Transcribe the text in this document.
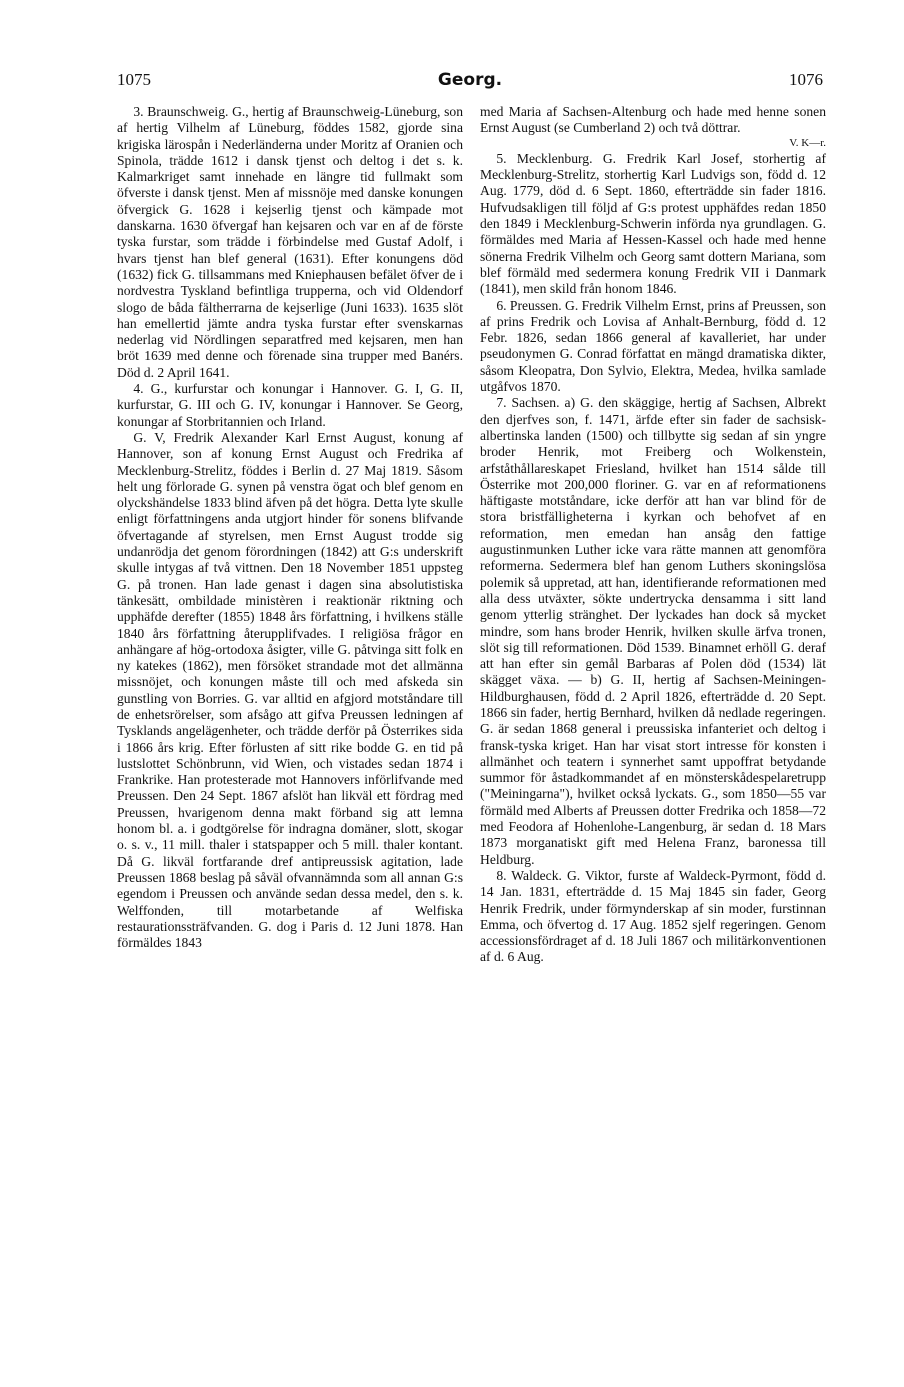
1075	Georg.	1076

3. Braunschweig. G., hertig af Braunschweig-Lüneburg, son af hertig Vilhelm af Lüneburg, föddes 1582, gjorde sina krigiska lärospån i Nederländerna under Moritz af Oranien och Spinola, trädde 1612 i dansk tjenst och deltog i det s. k. Kalmarkriget samt innehade en längre tid fullmakt som öfverste i dansk tjenst. Men af missnöje med danske konungen öfvergick G. 1628 i kejserlig tjenst och kämpade mot danskarna. 1630 öfvergaf han kejsaren och var en af de förste tyska furstar, som trädde i förbindelse med Gustaf Adolf, i hvars tjenst han blef general (1631). Efter konungens död (1632) fick G. tillsammans med Kniephausen befälet öfver de i nordvestra Tyskland befintliga trupperna, och vid Oldendorf slogo de båda fältherrarna de kejserlige (Juni 1633). 1635 slöt han emellertid jämte andra tyska furstar efter svenskarnas nederlag vid Nördlingen separatfred med kejsaren, men han bröt 1639 med denne och förenade sina trupper med Banérs. Död d. 2 April 1641.

4. G., kurfurstar och konungar i Hannover. G. I, G. II, kurfurstar, G. III och G. IV, konungar i Hannover. Se Georg, konungar af Storbritannien och Irland.

G. V, Fredrik Alexander Karl Ernst August, konung af Hannover, son af konung Ernst August och Fredrika af Mecklenburg-Strelitz, föddes i Berlin d. 27 Maj 1819. Såsom helt ung förlorade G. synen på venstra ögat och blef genom en olyckshändelse 1833 blind äfven på det högra. Detta lyte skulle enligt författningens anda utgjort hinder för sonens blifvande öfvertagande af styrelsen, men Ernst August trodde sig undanrödja det genom förordningen (1842) att G:s underskrift skulle intygas af två vittnen. Den 18 November 1851 uppsteg G. på tronen. Han lade genast i dagen sina absolutistiska tänkesätt, ombildade ministèren i reaktionär riktning och upphäfde derefter (1855) 1848 års författning, i hvilkens ställe 1840 års författning återupplifvades. I religiösa frågor en anhängare af hög-ortodoxa åsigter, ville G. påtvinga sitt folk en ny katekes (1862), men försöket strandade mot det allmänna missnöjet, och konungen måste till och med afskeda sin gunstling von Borries. G. var alltid en afgjord motståndare till de enhetsrörelser, som afsågo att gifva Preussen ledningen af Tysklands angelägenheter, och trädde derför på Österrikes sida i 1866 års krig. Efter förlusten af sitt rike bodde G. en tid på lustslottet Schönbrunn, vid Wien, och vistades sedan 1874 i Frankrike. Han protesterade mot Hannovers införlifvande med Preussen. Den 24 Sept. 1867 afslöt han likväl ett fördrag med Preussen, hvarigenom denna makt förband sig att lemna honom bl. a. i godtgörelse för indragna domäner, slott, skogar o. s. v., 11 mill. thaler i statspapper och 5 mill. thaler kontant. Då G. likväl fortfarande dref antipreussisk agitation, lade Preussen 1868 beslag på såväl ofvannämnda som all annan G:s egendom i Preussen och använde sedan dessa medel, den s. k. Welffonden, till motarbetande af Welfiska restaurationssträfvanden. G. dog i Paris d. 12 Juni 1878. Han förmäldes 1843

med Maria af Sachsen-Altenburg och hade med henne sonen Ernst August (se Cumberland 2) och två döttrar.

V. K—r.

5. Mecklenburg. G. Fredrik Karl Josef, storhertig af Mecklenburg-Strelitz, storhertig Karl Ludvigs son, född d. 12 Aug. 1779, död d. 6 Sept. 1860, efterträdde sin fader 1816. Hufvudsakligen till följd af G:s protest upphäfdes redan 1850 den 1849 i Mecklenburg-Schwerin införda nya grundlagen. G. förmäldes med Maria af Hessen-Kassel och hade med henne sönerna Fredrik Vilhelm och Georg samt dottern Mariana, som blef förmäld med sedermera konung Fredrik VII i Danmark (1841), men skild från honom 1846.

6. Preussen. G. Fredrik Vilhelm Ernst, prins af Preussen, son af prins Fredrik och Lovisa af Anhalt-Bernburg, född d. 12 Febr. 1826, sedan 1866 general af kavalleriet, har under pseudonymen G. Conrad författat en mängd dramatiska dikter, såsom Kleopatra, Don Sylvio, Elektra, Medea, hvilka samlade utgåfvos 1870.

7. Sachsen. a) G. den skäggige, hertig af Sachsen, Albrekt den djerfves son, f. 1471, ärfde efter sin fader de sachsisk-albertinska landen (1500) och tillbytte sig sedan af sin yngre broder Henrik, mot Freiberg och Wolkenstein, arfståthållareskapet Friesland, hvilket han 1514 sålde till Österrike mot 200,000 floriner. G. var en af reformationens häftigaste motståndare, icke derför att han var blind för de stora bristfälligheterna i kyrkan och behofvet af en reformation, men emedan han ansåg den fattige augustinmunken Luther icke vara rätte mannen att genomföra reformerna. Sedermera blef han genom Luthers skoningslösa polemik så uppretad, att han, identifierande reformationen med alla dess utväxter, sökte undertrycka densamma i sitt land genom ytterlig stränghet. Der lyckades han dock så mycket mindre, som hans broder Henrik, hvilken skulle ärfva tronen, slöt sig till reformationen. Död 1539. Binamnet erhöll G. deraf att han efter sin gemål Barbaras af Polen död (1534) lät skägget växa. — b) G. II, hertig af Sachsen-Meiningen-Hildburghausen, född d. 2 April 1826, efterträdde d. 20 Sept. 1866 sin fader, hertig Bernhard, hvilken då nedlade regeringen. G. är sedan 1868 general i preussiska infanteriet och deltog i fransk-tyska kriget. Han har visat stort intresse för konsten i allmänhet och teatern i synnerhet samt uppoffrat betydande summor för åstadkommandet af en mönsterskådespelaretrupp ("Meiningarna"), hvilket också lyckats. G., som 1850—55 var förmäld med Alberts af Preussen dotter Fredrika och 1858—72 med Feodora af Hohenlohe-Langenburg, är sedan d. 18 Mars 1873 morganatiskt gift med Helena Franz, baronessa till Heldburg.

8. Waldeck. G. Viktor, furste af Waldeck-Pyrmont, född d. 14 Jan. 1831, efterträdde d. 15 Maj 1845 sin fader, Georg Henrik Fredrik, under förmynderskap af sin moder, furstinnan Emma, och öfvertog d. 17 Aug. 1852 sjelf regeringen. Genom accessionsfördraget af d. 18 Juli 1867 och militärkonventionen af d. 6 Aug.
